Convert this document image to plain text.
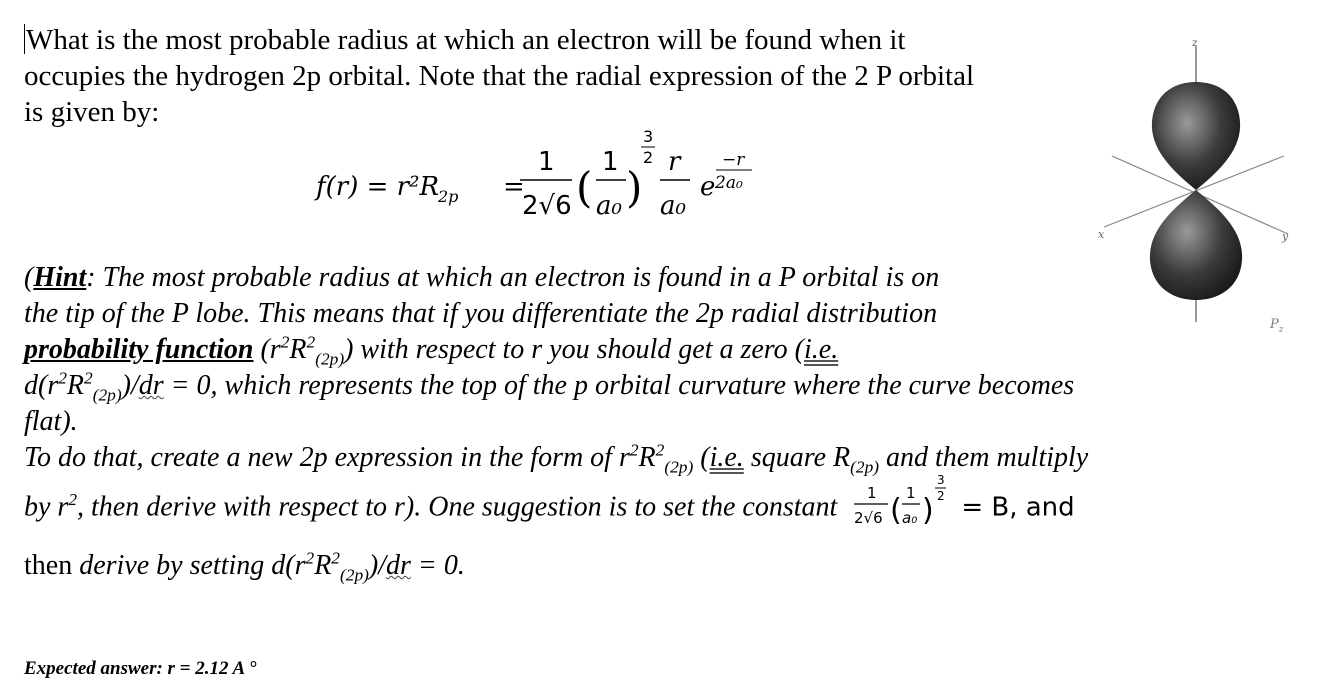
What is the most probable radius at which an electron will be found when it
occupies the hydrogen 2p orbital. Note that the radial expression of the 2 P orbital
is given by:
f(r) = r²R
2p =
1
2√6 (
1
a₀ )
3
2 r
a₀
e
−r
2a₀
z
x	y
$P_z$
(Hint: The most probable radius at which an electron is found in a P orbital is on
the tip of the P lobe. This means that if you differentiate the 2p radial distribution
probability function $(r^2R^2_{(2p)})$ with respect to r you should get a zero (i.e.
$d(r^2R^2_{(2p)})/dr = 0$, which represents the top of the p orbital curvature where the curve becomes
flat).
To do that, create a new 2p expression in the form of $r^2R^2_{(2p)}$ (i.e. square $R_{(2p)}$ and them multiply
by $r^2$, then derive with respect to r). One suggestion is to set the constant 1
2√6 ( 1
a₀ )
3
2 = B, and
then derive by setting $d(r^2R^2_{(2p)})/dr = 0$.
Expected answer: r = 2.12 A °
